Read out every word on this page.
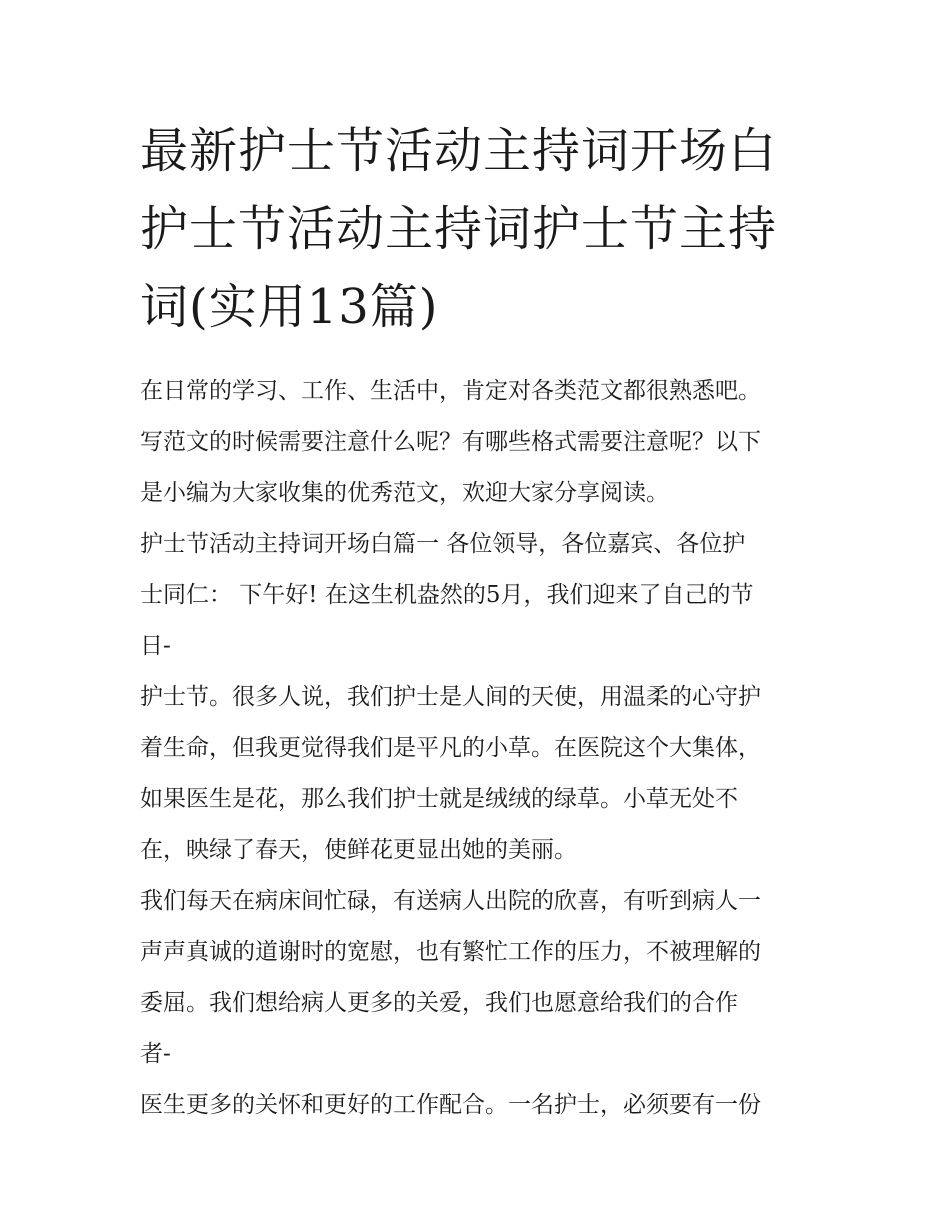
最新护士节活动主持词开场白
护士节活动主持词护士节主持
词(实用13篇)
在日常的学习、工作、生活中，肯定对各类范文都很熟悉吧。
写范文的时候需要注意什么呢？有哪些格式需要注意呢？以下
是小编为大家收集的优秀范文，欢迎大家分享阅读。
护士节活动主持词开场白篇一 各位领导，各位嘉宾、各位护
士同仁： 下午好! 在这生机盎然的5月，我们迎来了自己的节
日-
护士节。很多人说，我们护士是人间的天使，用温柔的心守护
着生命，但我更觉得我们是平凡的小草。在医院这个大集体，
如果医生是花，那么我们护士就是绒绒的绿草。小草无处不
在，映绿了春天，使鲜花更显出她的美丽。
我们每天在病床间忙碌，有送病人出院的欣喜，有听到病人一
声声真诚的道谢时的宽慰，也有繁忙工作的压力，不被理解的
委屈。我们想给病人更多的关爱，我们也愿意给我们的合作
者-
医生更多的关怀和更好的工作配合。一名护士，必须要有一份
